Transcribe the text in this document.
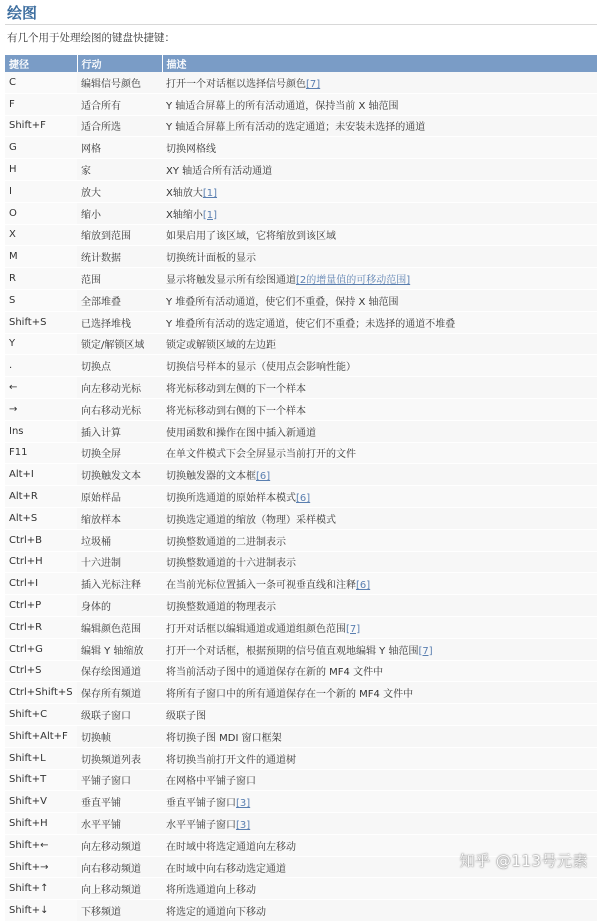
绘图
有几个用于处理绘图的键盘快捷键：
捷径	行动	描述
C	编辑信号颜色	打开一个对话框以选择信号颜色[7]
F	适合所有	Y 轴适合屏幕上的所有活动通道，保持当前 X 轴范围
Shift+F	适合所选	Y 轴适合屏幕上所有活动的选定通道；未安装未选择的通道
G	网格	切换网格线
H	家	XY 轴适合所有活动通道
I	放大	X轴放大[1]
O	缩小	X轴缩小[1]
X	缩放到范围	如果启用了该区域，它将缩放到该区域
M	统计数据	切换统计面板的显示
R	范围	显示将触发显示所有绘图通道[2的增量值的可移动范围]
S	全部堆叠	Y 堆叠所有活动通道，使它们不重叠，保持 X 轴范围
Shift+S	已选择堆栈	Y 堆叠所有活动的选定通道，使它们不重叠；未选择的通道不堆叠
Y	锁定/解锁区域	锁定或解锁区域的左边距
.	切换点	切换信号样本的显示（使用点会影响性能）
←	向左移动光标	将光标移动到左侧的下一个样本
→	向右移动光标	将光标移动到右侧的下一个样本
Ins	插入计算	使用函数和操作在图中插入新通道
F11	切换全屏	在单文件模式下会全屏显示当前打开的文件
Alt+I	切换触发文本	切换触发器的文本框[6]
Alt+R	原始样品	切换所选通道的原始样本模式[6]
Alt+S	缩放样本	切换选定通道的缩放（物理）采样模式
Ctrl+B	垃圾桶	切换整数通道的二进制表示
Ctrl+H	十六进制	切换整数通道的十六进制表示
Ctrl+I	插入光标注释	在当前光标位置插入一条可视垂直线和注释[6]
Ctrl+P	身体的	切换整数通道的物理表示
Ctrl+R	编辑颜色范围	打开对话框以编辑通道或通道组颜色范围[7]
Ctrl+G	编辑 Y 轴缩放	打开一个对话框，根据预期的信号值直观地编辑 Y 轴范围[7]
Ctrl+S	保存绘图通道	将当前活动子图中的通道保存在新的 MF4 文件中
Ctrl+Shift+S	保存所有频道	将所有子窗口中的所有通道保存在一个新的 MF4 文件中
Shift+C	级联子窗口	级联子图
Shift+Alt+F	切换帧	将切换子图 MDI 窗口框架
Shift+L	切换频道列表	将切换当前打开文件的通道树
Shift+T	平铺子窗口	在网格中平铺子窗口
Shift+V	垂直平铺	垂直平铺子窗口[3]
Shift+H	水平平铺	水平平铺子窗口[3]
Shift+←	向左移动频道	在时域中将选定通道向左移动
Shift+→	向右移动频道	在时域中向右移动选定通道
Shift+↑	向上移动频道	将所选通道向上移动
Shift+↓	下移频道	将选定的通道向下移动
知乎 @113号元素
